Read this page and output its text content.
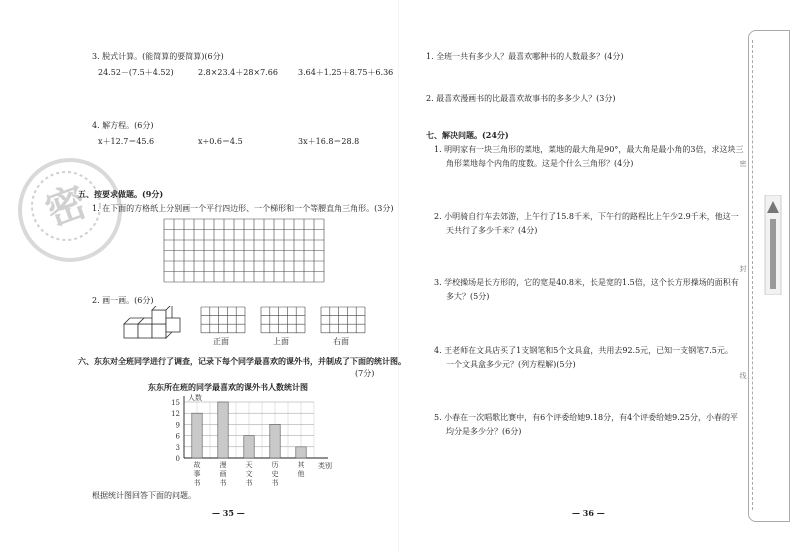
密
3. 脱式计算。(能简算的要简算)(6分)
24.52－(7.5＋4.52)	2.8×23.4＋28×7.66	3.64＋1.25＋8.75＋6.36
4. 解方程。(6分)
x＋12.7＝45.6	x÷0.6＝4.5	3x＋16.8＝28.8
五、按要求做题。(9分)
1. 在下面的方格纸上分别画一个平行四边形、一个梯形和一个等腰直角三角形。(3分)
2. 画一画。(6分)
正面	上面	右面
六、东东对全班同学进行了调查，记录下每个同学最喜欢的课外书，并制成了下面的统计图。
(7分)
东东所在班的同学最喜欢的课外书人数统计图
0
3
6
9
12
15
人数
类别
故
事
书
漫
画
书
天
文
书
历
史
书
其
他
根据统计图回答下面的问题。
— 35 —
1. 全班一共有多少人？最喜欢哪种书的人数最多？(4分)
2. 最喜欢漫画书的比最喜欢故事书的多多少人？(3分)
七、解决问题。(24分)
1. 明明家有一块三角形的菜地，菜地的最大角是90°，最大角是最小角的3倍，求这块三
角形菜地每个内角的度数。这是个什么三角形？(4分)
2. 小明骑自行车去郊游，上午行了15.8千米，下午行的路程比上午少2.9千米，他这一
天共行了多少千米？(4分)
3. 学校操场是长方形的，它的宽是40.8米，长是宽的1.5倍，这个长方形操场的面积有
多大？(5分)
4. 王老师在文具店买了1支钢笔和5个文具盒，共用去92.5元，已知一支钢笔7.5元。
一个文具盒多少元？(列方程解)(5分)
5. 小春在一次唱歌比赛中，有6个评委给她9.18分，有4个评委给她9.25分，小春的平
均分是多少分？(6分)
— 36 —
密
封
线
